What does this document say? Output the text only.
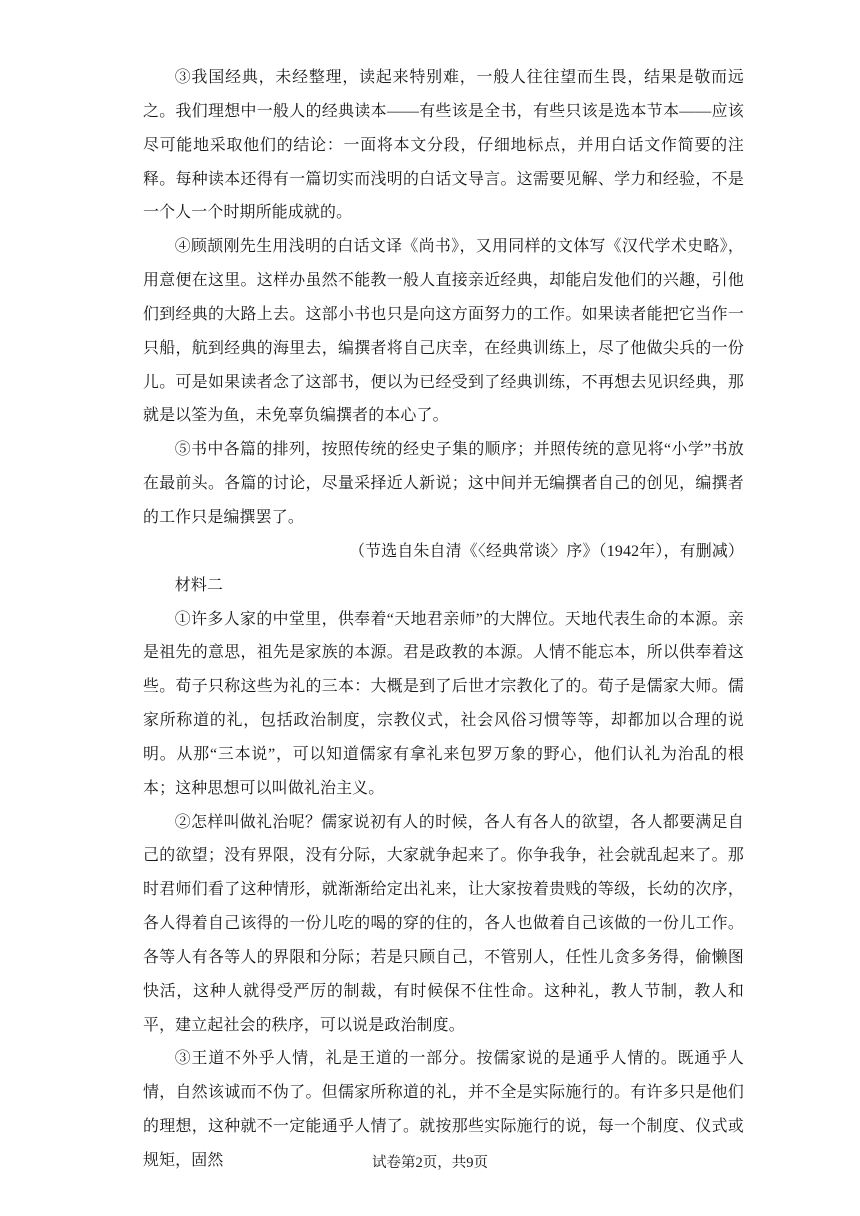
③我国经典，未经整理，读起来特别难，一般人往往望而生畏，结果是敬而远之。我们理想中一般人的经典读本——有些该是全书，有些只该是选本节本——应该尽可能地采取他们的结论：一面将本文分段，仔细地标点，并用白话文作简要的注释。每种读本还得有一篇切实而浅明的白话文导言。这需要见解、学力和经验，不是一个人一个时期所能成就的。

④顾颉刚先生用浅明的白话文译《尚书》，又用同样的文体写《汉代学术史略》，用意便在这里。这样办虽然不能教一般人直接亲近经典，却能启发他们的兴趣，引他们到经典的大路上去。这部小书也只是向这方面努力的工作。如果读者能把它当作一只船，航到经典的海里去，编撰者将自己庆幸，在经典训练上，尽了他做尖兵的一份儿。可是如果读者念了这部书，便以为已经受到了经典训练，不再想去见识经典，那就是以筌为鱼，未免辜负编撰者的本心了。

⑤书中各篇的排列，按照传统的经史子集的顺序；并照传统的意见将“小学”书放在最前头。各篇的讨论，尽量采择近人新说；这中间并无编撰者自己的创见，编撰者的工作只是编撰罢了。

（节选自朱自清《〈经典常谈〉序》（1942年），有删减）

材料二

①许多人家的中堂里，供奉着“天地君亲师”的大牌位。天地代表生命的本源。亲是祖先的意思，祖先是家族的本源。君是政教的本源。人情不能忘本，所以供奉着这些。荀子只称这些为礼的三本：大概是到了后世才宗教化了的。荀子是儒家大师。儒家所称道的礼，包括政治制度，宗教仪式，社会风俗习惯等等，却都加以合理的说明。从那“三本说”，可以知道儒家有拿礼来包罗万象的野心，他们认礼为治乱的根本；这种思想可以叫做礼治主义。

②怎样叫做礼治呢？儒家说初有人的时候，各人有各人的欲望，各人都要满足自己的欲望；没有界限，没有分际，大家就争起来了。你争我争，社会就乱起来了。那时君师们看了这种情形，就渐渐给定出礼来，让大家按着贵贱的等级，长幼的次序，各人得着自己该得的一份儿吃的喝的穿的住的，各人也做着自己该做的一份儿工作。各等人有各等人的界限和分际；若是只顾自己，不管别人，任性儿贪多务得，偷懒图快活，这种人就得受严厉的制裁，有时候保不住性命。这种礼，教人节制，教人和平，建立起社会的秩序，可以说是政治制度。

③王道不外乎人情，礼是王道的一部分。按儒家说的是通乎人情的。既通乎人情，自然该诚而不伪了。但儒家所称道的礼，并不全是实际施行的。有许多只是他们的理想，这种就不一定能通乎人情了。就按那些实际施行的说，每一个制度、仪式或规矩，固然	试卷第2页，共9页
